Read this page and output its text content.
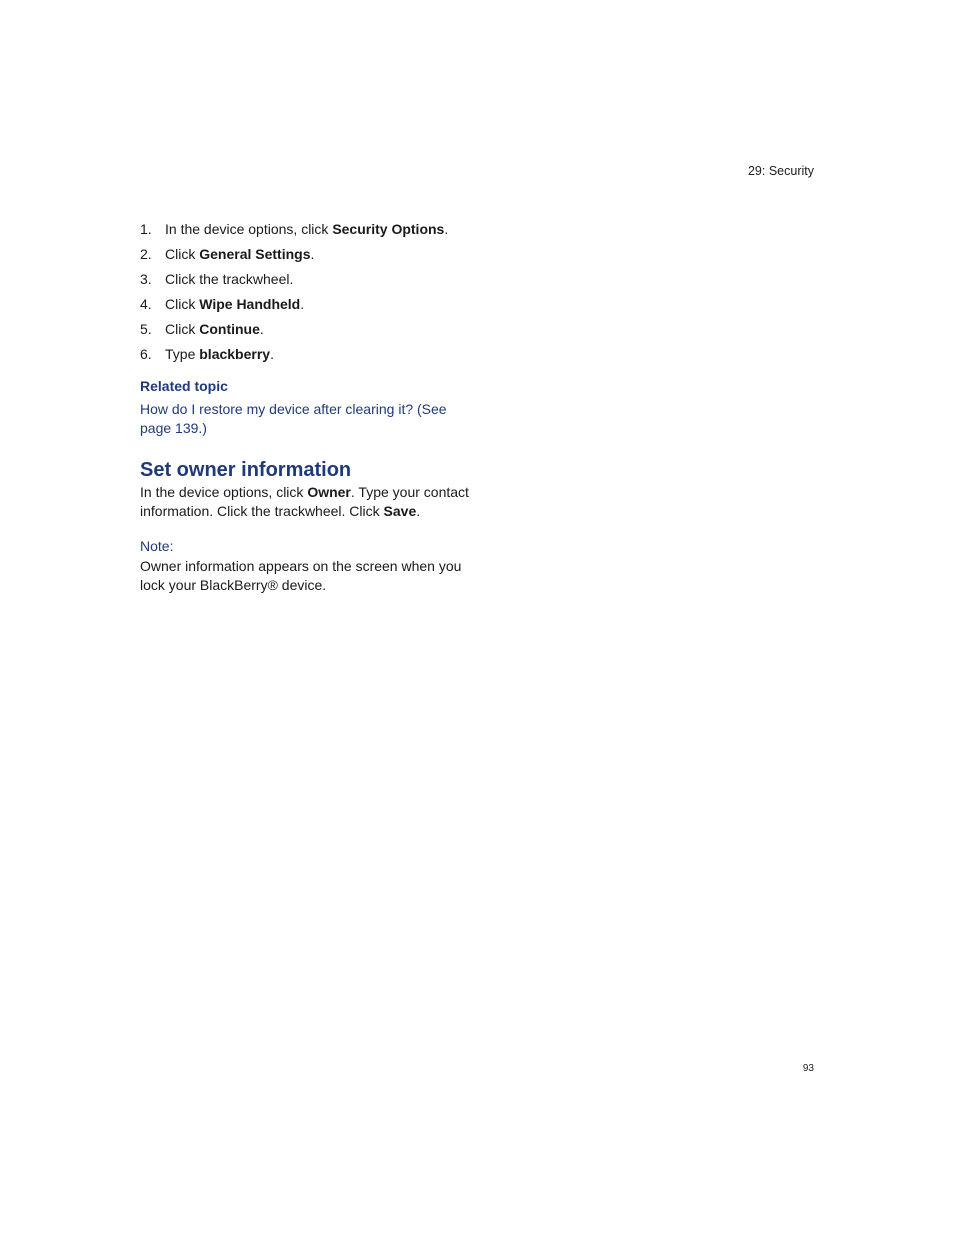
29: Security
1. In the device options, click Security Options.
2. Click General Settings.
3. Click the trackwheel.
4. Click Wipe Handheld.
5. Click Continue.
6. Type blackberry.
Related topic
How do I restore my device after clearing it? (See page 139.)
Set owner information
In the device options, click Owner. Type your contact information. Click the trackwheel. Click Save.
Note:
Owner information appears on the screen when you lock your BlackBerry® device.
93
